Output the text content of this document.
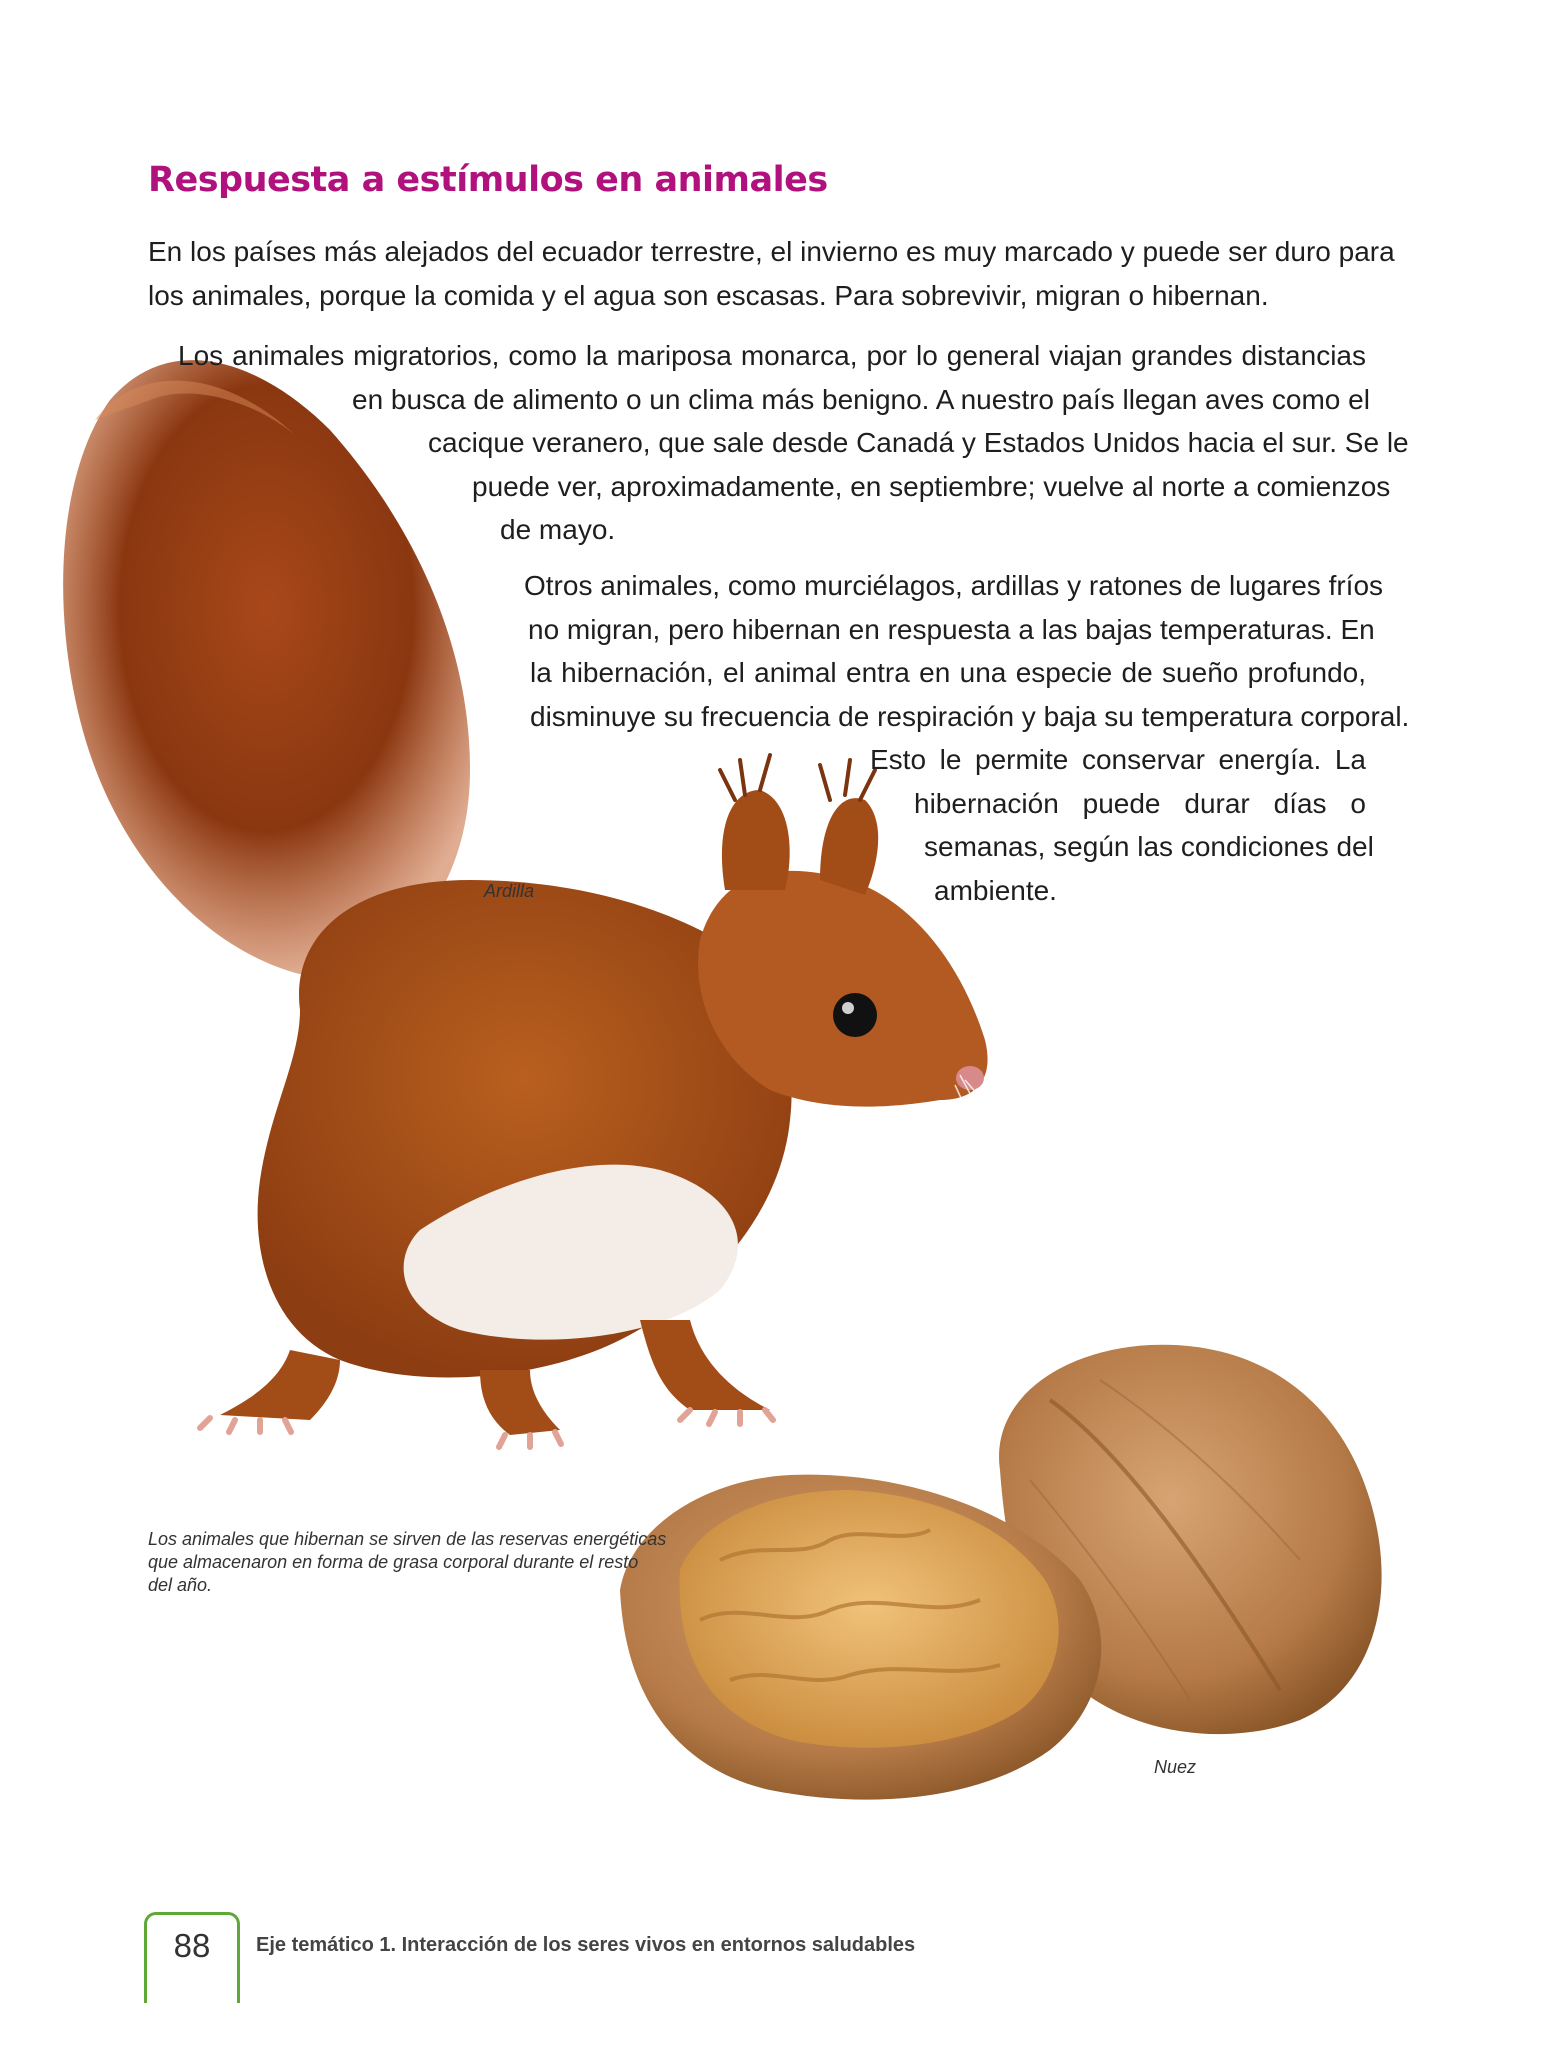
Respuesta a estímulos en animales
En los países más alejados del ecuador terrestre, el invierno es muy marcado y puede ser duro para
los animales, porque la comida y el agua son escasas. Para sobrevivir, migran o hibernan.
Los animales migratorios, como la mariposa monarca, por lo general viajan grandes distancias
en busca de alimento o un clima más benigno. A nuestro país llegan aves como el
cacique veranero, que sale desde Canadá y Estados Unidos hacia el sur. Se le
puede ver, aproximadamente, en septiembre; vuelve al norte a comienzos
de mayo.
Otros animales, como murciélagos, ardillas y ratones de lugares fríos
no migran, pero hibernan en respuesta a las bajas temperaturas. En
la hibernación, el animal entra en una especie de sueño profundo,
disminuye su frecuencia de respiración y baja su temperatura corporal.
Esto le permite conservar energía. La
hibernación puede durar días o
semanas, según las condiciones del
ambiente.

Ardilla

Los animales que hibernan se sirven de las reservas energéticas
que almacenaron en forma de grasa corporal durante el resto
del año.

Nuez

88 Eje temático 1. Interacción de los seres vivos en entornos saludables
